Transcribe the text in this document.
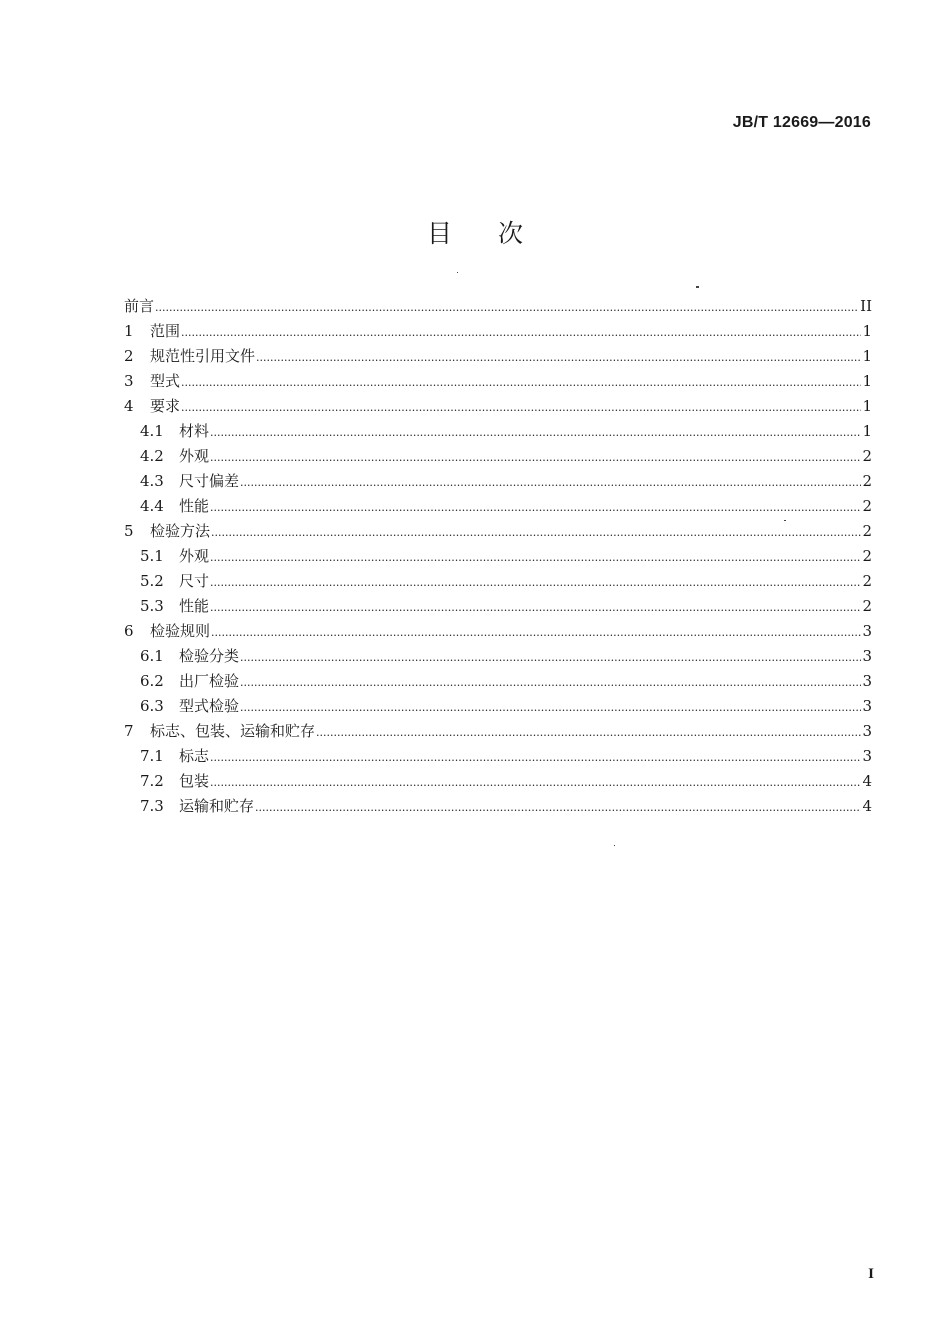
JB/T 12669—2016
目次
前言 .....	II
1	范围 .....	1
2	规范性引用文件 .....	1
3	型式 .....	1
4	要求 .....	1
4.1	材料 .....	1
4.2	外观 .....	2
4.3	尺寸偏差 .....	2
4.4	性能 .....	2
5	检验方法 .....	2
5.1	外观 .....	2
5.2	尺寸 .....	2
5.3	性能 .....	2
6	检验规则 .....	3
6.1	检验分类 .....	3
6.2	出厂检验 .....	3
6.3	型式检验 .....	3
7	标志、包装、运输和贮存 .....	3
7.1	标志 .....	3
7.2	包装 .....	4
7.3	运输和贮存 .....	4
I
